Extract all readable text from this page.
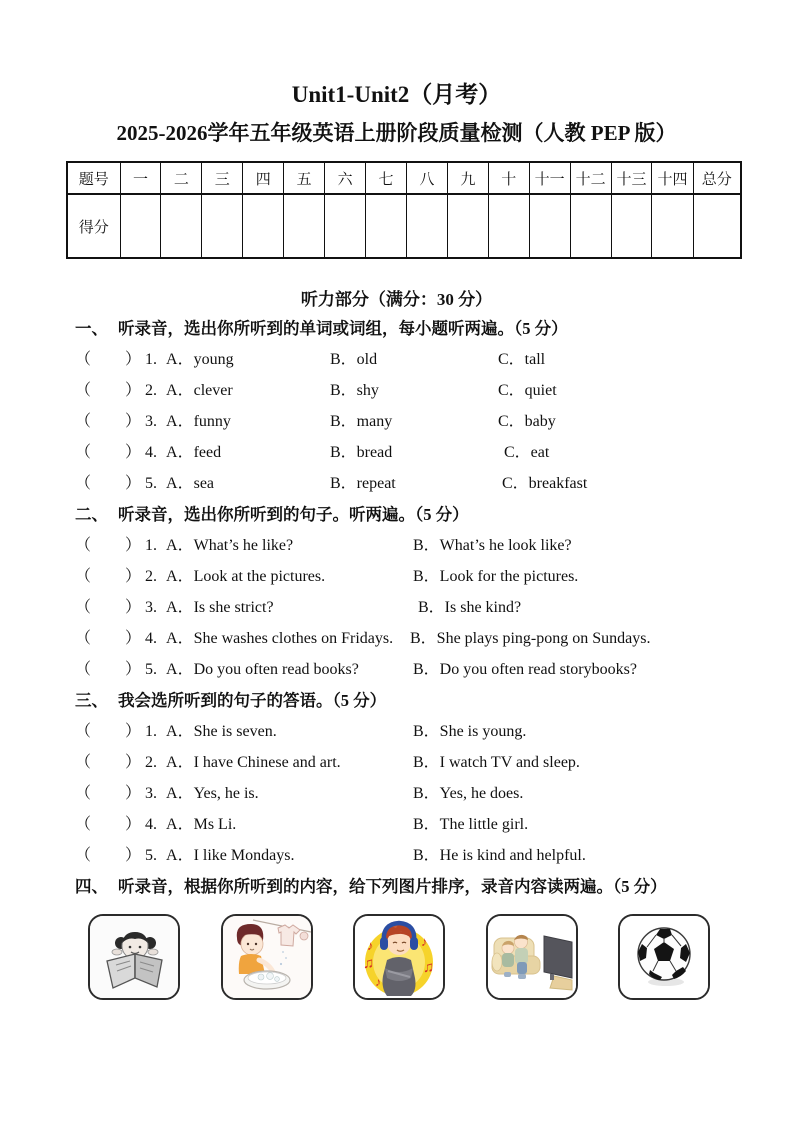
Unit1-Unit2（月考）
2025-2026学年五年级英语上册阶段质量检测（人教 PEP 版）
题号	一	二	三	四	五	六	七	八	九	十	十一	十二	十三	十四	总分
得分															
听力部分（满分：30 分）
一、 听录音，选出你所听到的单词或词组，每小题听两遍。（5 分）
（ ） 1. A．young	B．old	C．tall
（ ） 2. A．clever	B．shy	C．quiet
（ ） 3. A．funny	B．many	C．baby
（ ） 4. A．feed	B．bread	C．eat
（ ） 5. A．sea	B．repeat	C．breakfast
二、 听录音，选出你所听到的句子。听两遍。（5 分）
（ ） 1. A．What’s he like?	B．What’s he look like?
（ ） 2. A．Look at the pictures.	B．Look for the pictures.
（ ） 3. A．Is she strict?	B．Is she kind?
（ ） 4. A．She washes clothes on Fridays.	B．She plays ping-pong on Sundays.
（ ） 5. A．Do you often read books?	B．Do you often read storybooks?
三、 我会选所听到的句子的答语。（5 分）
（ ） 1. A．She is seven.	B．She is young.
（ ） 2. A．I have Chinese and art.	B．I watch TV and sleep.
（ ） 3. A．Yes, he is.	B．Yes, he does.
（ ） 4. A．Ms Li.	B．The little girl.
（ ） 5. A．I like Mondays.	B．He is kind and helpful.
四、 听录音，根据你所听到的内容，给下列图片排序，录音内容读两遍。（5 分）
♪
♫
♪
♫
♪
